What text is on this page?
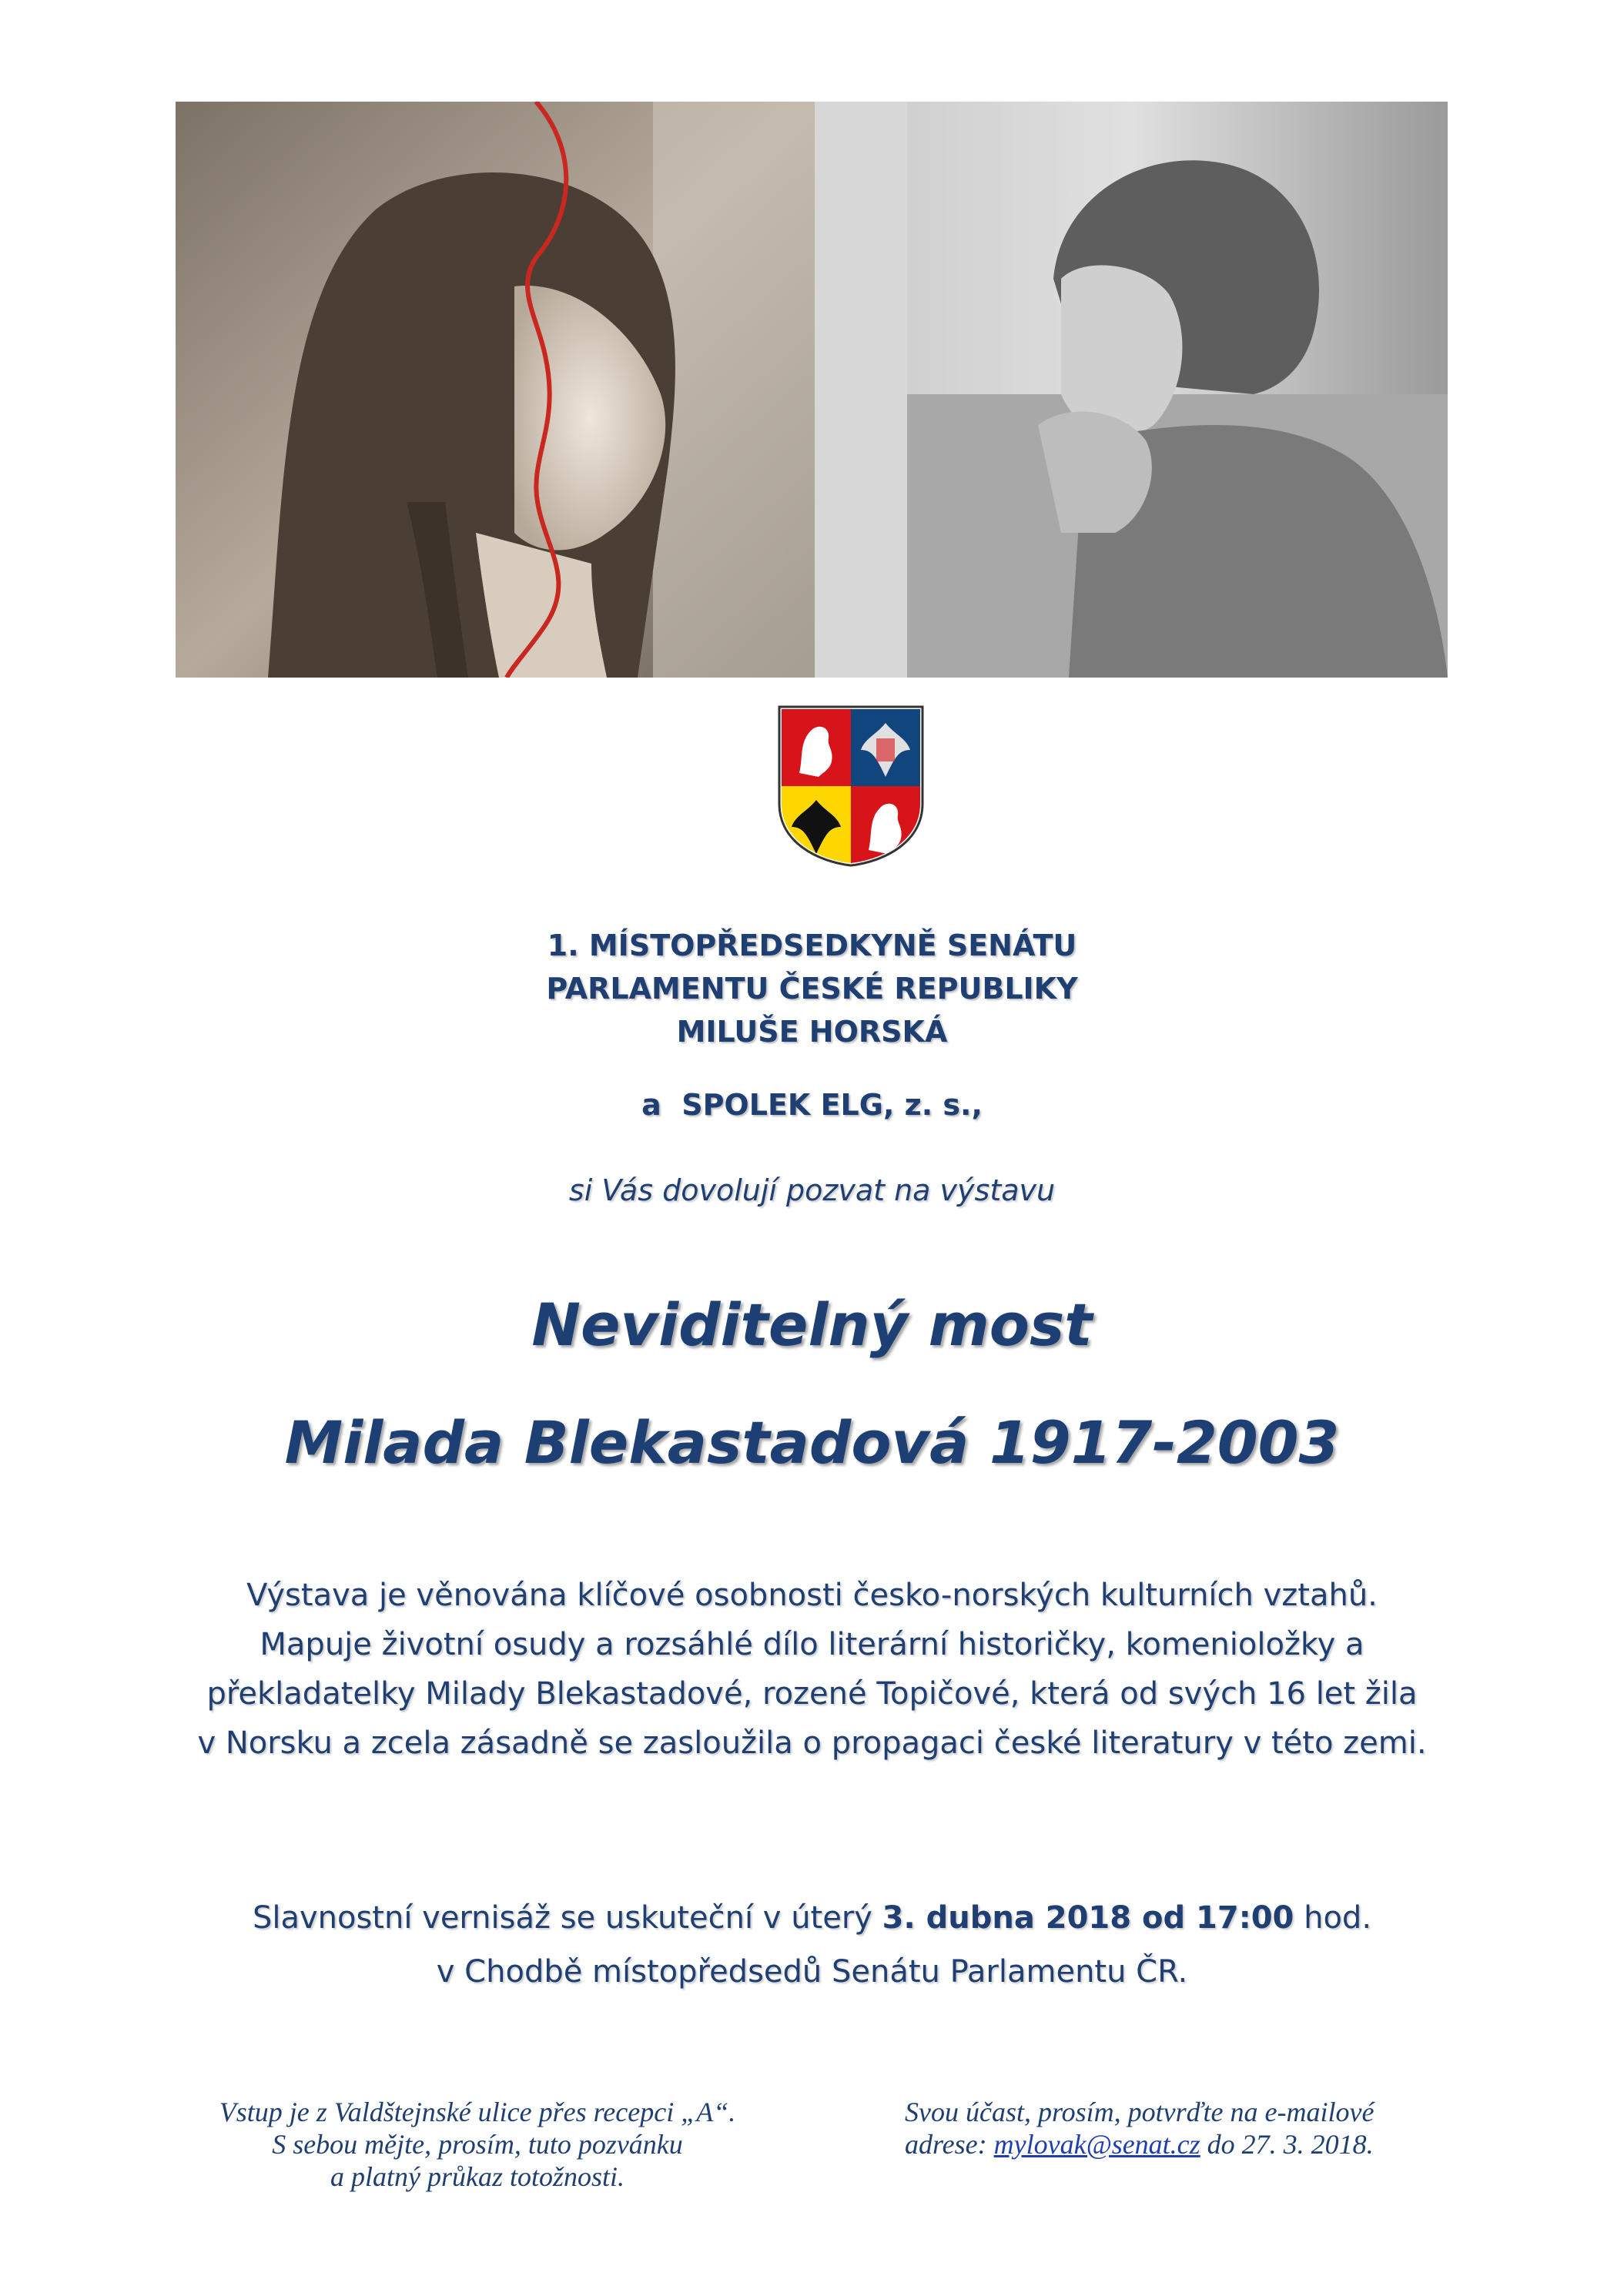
1. MÍSTOPŘEDSEDKYNĚ SENÁTU
PARLAMENTU ČESKÉ REPUBLIKY
MILUŠE HORSKÁ
a  SPOLEK ELG, z. s.,
si Vás dovolují pozvat na výstavu
Neviditelný most
Milada Blekastadová 1917-2003
Výstava je věnována klíčové osobnosti česko-norských kulturních vztahů.
Mapuje životní osudy a rozsáhlé dílo literární historičky, komenioložky a
překladatelky Milady Blekastadové, rozené Topičové, která od svých 16 let žila
v Norsku a zcela zásadně se zasloužila o propagaci české literatury v této zemi.
Slavnostní vernisáž se uskuteční v úterý 3. dubna 2018 od 17:00 hod.
v Chodbě místopředsedů Senátu Parlamentu ČR.
Vstup je z Valdštejnské ulice přes recepci „A“.
S sebou mějte, prosím, tuto pozvánku
a platný průkaz totožnosti.
Svou účast, prosím, potvrďte na e-mailové
adrese: mylovak@senat.cz do 27. 3. 2018.
